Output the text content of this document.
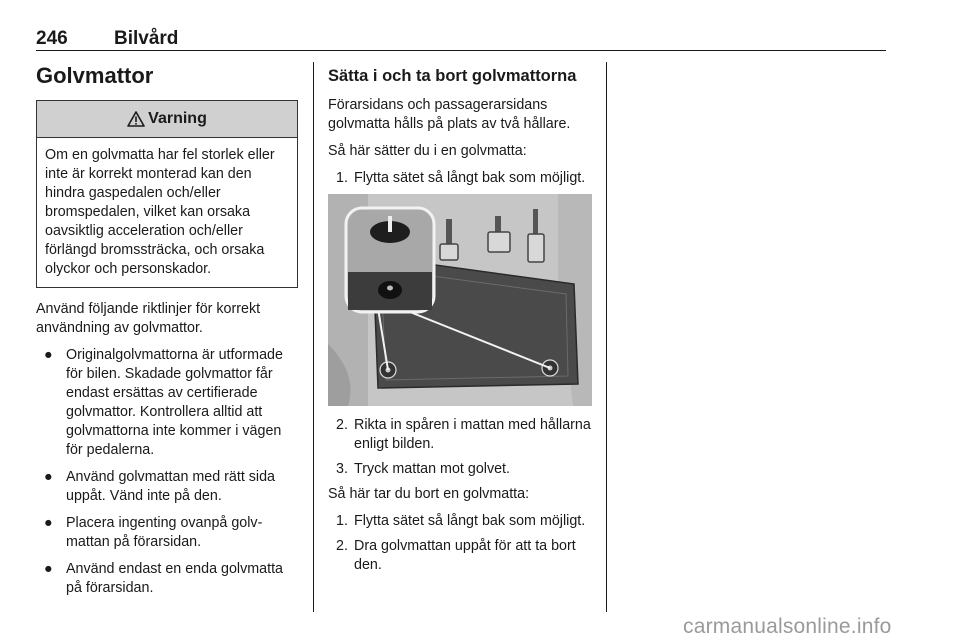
246 Bilvård
Golvmattor
Varning
Om en golvmatta har fel storlek eller inte är korrekt monterad kan den hindra gaspedalen och/eller bromspedalen, vilket kan orsaka oavsiktlig acceleration och/eller förlängd bromssträcka, och orsaka olyckor och personskador.

Använd följande riktlinjer för korrekt användning av golvmattor.

● Originalgolvmattorna är utformade för bilen. Skadade golvmattor får endast ersättas av certifierade golvmattor. Kontrollera alltid att golvmattorna inte kommer i vägen för pedalerna.
● Använd golvmattan med rätt sida uppåt. Vänd inte på den.
● Placera ingenting ovanpå golvmattan på förarsidan.
● Använd endast en enda golvmatta på förarsidan.
Sätta i och ta bort golvmattorna

Förarsidans och passagerarsidans golvmatta hålls på plats av två hållare.

Så här sätter du i en golvmatta:

1. Flytta sätet så långt bak som möjligt.
2. Rikta in spåren i mattan med hållarna enligt bilden.
3. Tryck mattan mot golvet.

Så här tar du bort en golvmatta:

1. Flytta sätet så långt bak som möjligt.
2. Dra golvmattan uppåt för att ta bort den.
carmanualsonline.info
